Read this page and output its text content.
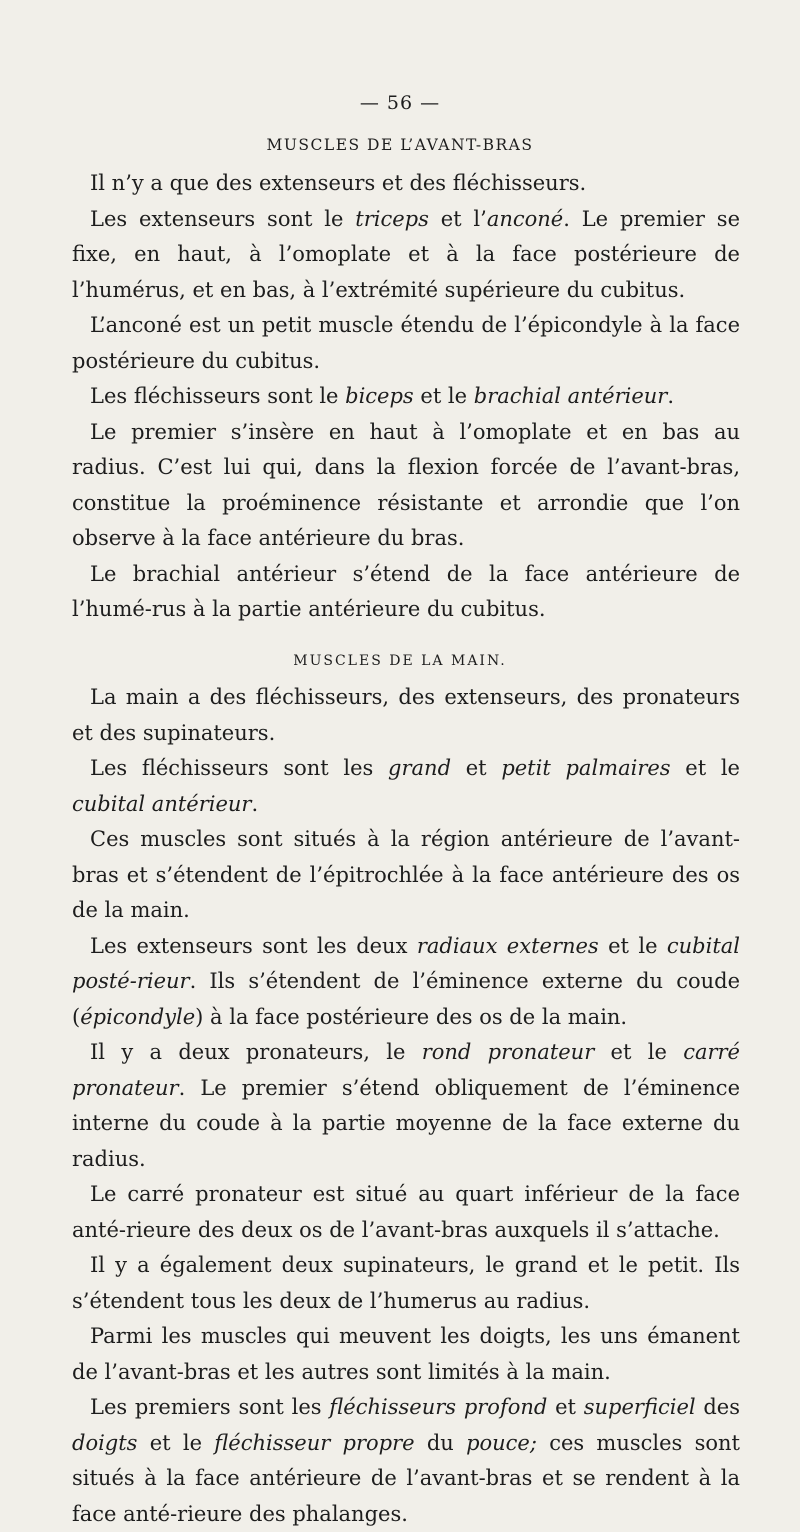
— 56 —
MUSCLES DE L’AVANT-BRAS

Il n’y a que des extenseurs et des fléchisseurs.

Les extenseurs sont le triceps et l’anconé. Le premier se fixe, en haut, à l’omoplate et à la face postérieure de l’humérus, et en bas, à l’extrémité supérieure du cubitus.

L’anconé est un petit muscle étendu de l’épicondyle à la face postérieure du cubitus.

Les fléchisseurs sont le biceps et le brachial antérieur.

Le premier s’insère en haut à l’omoplate et en bas au radius. C’est lui qui, dans la flexion forcée de l’avant-bras, constitue la proéminence résistante et arrondie que l’on observe à la face antérieure du bras.

Le brachial antérieur s’étend de la face antérieure de l’humé-rus à la partie antérieure du cubitus.

MUSCLES DE LA MAIN.

La main a des fléchisseurs, des extenseurs, des pronateurs et des supinateurs.

Les fléchisseurs sont les grand et petit palmaires et le cubital antérieur.

Ces muscles sont situés à la région antérieure de l’avant-bras et s’étendent de l’épitrochlée à la face antérieure des os de la main.

Les extenseurs sont les deux radiaux externes et le cubital posté-rieur. Ils s’étendent de l’éminence externe du coude (épicondyle) à la face postérieure des os de la main.

Il y a deux pronateurs, le rond pronateur et le carré pronateur. Le premier s’étend obliquement de l’éminence interne du coude à la partie moyenne de la face externe du radius.

Le carré pronateur est situé au quart inférieur de la face anté-rieure des deux os de l’avant-bras auxquels il s’attache.

Il y a également deux supinateurs, le grand et le petit. Ils s’étendent tous les deux de l’humerus au radius.

Parmi les muscles qui meuvent les doigts, les uns émanent de l’avant-bras et les autres sont limités à la main.

Les premiers sont les fléchisseurs profond et superficiel des doigts et le fléchisseur propre du pouce; ces muscles sont situés à la face antérieure de l’avant-bras et se rendent à la face anté-rieure des phalanges.
